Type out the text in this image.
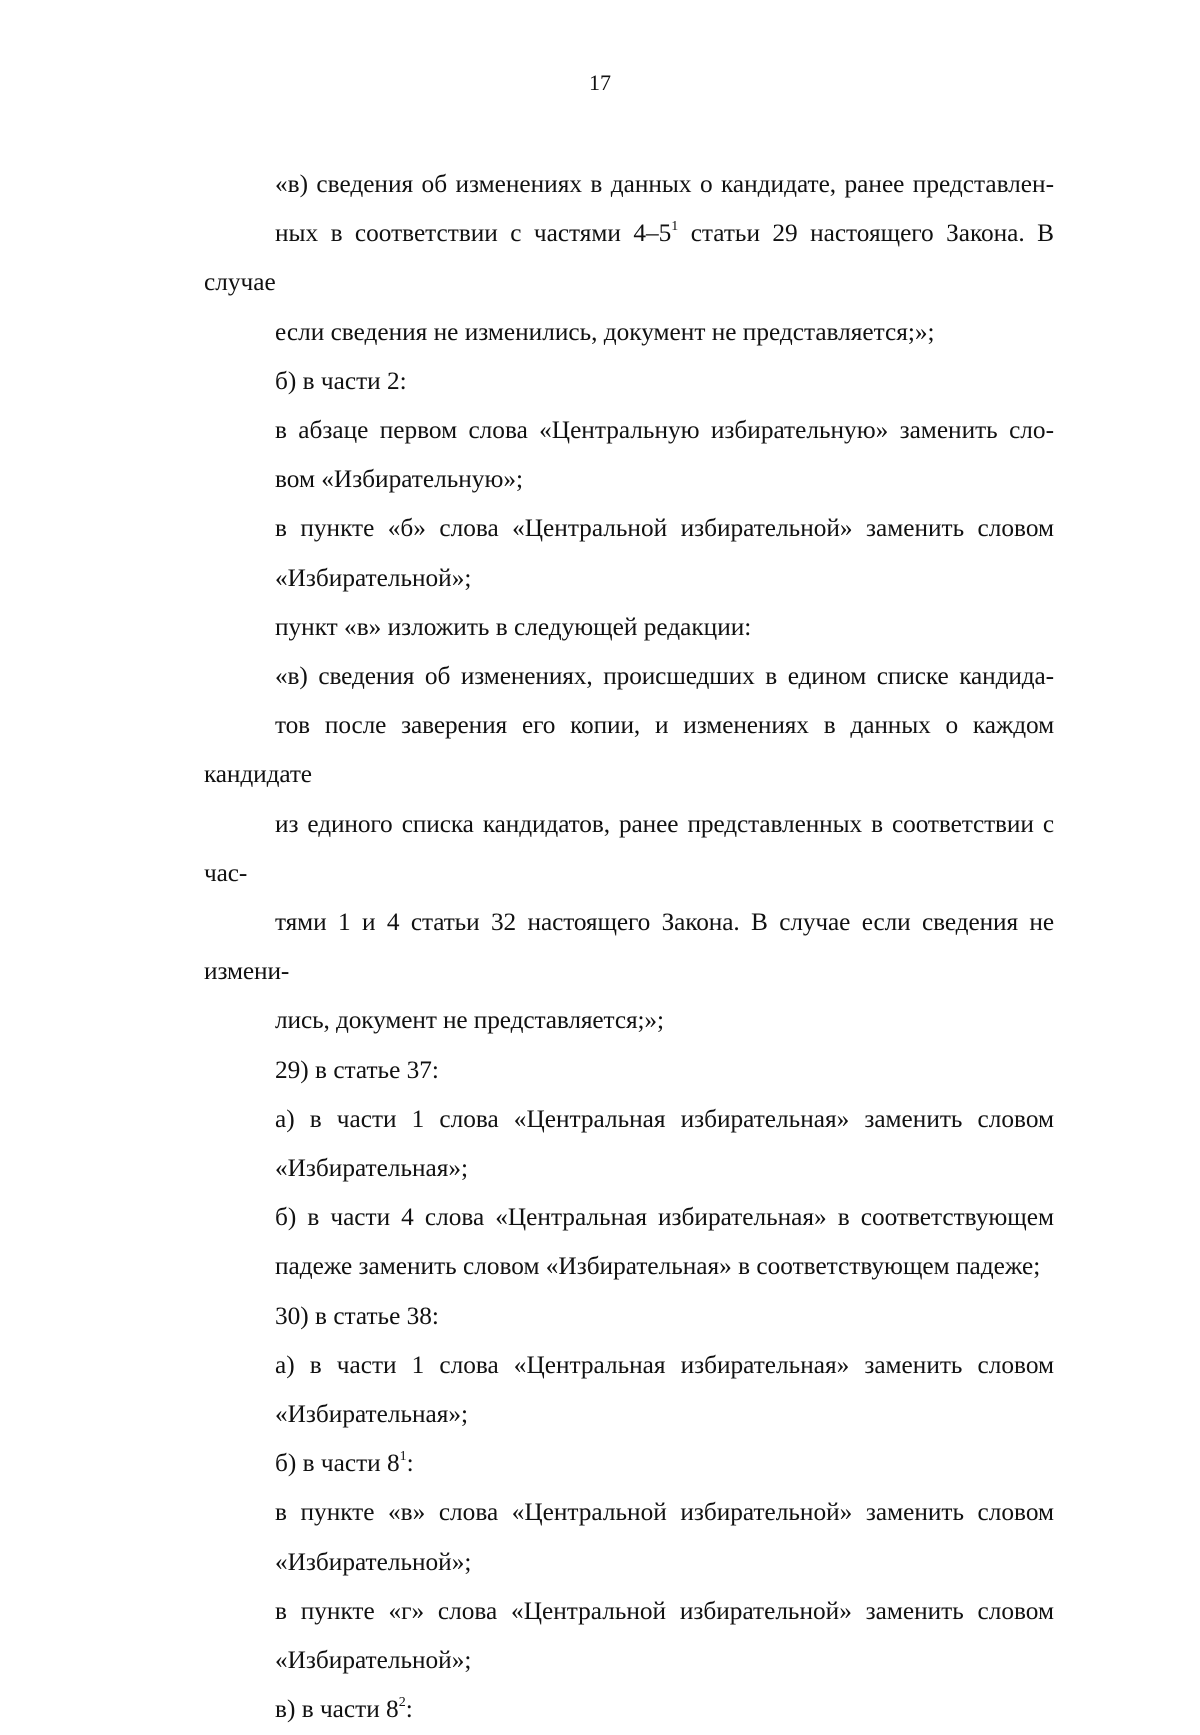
17

«в) сведения об изменениях в данных о кандидате, ранее представлен-
ных в соответствии с частями $4-5^1$ статьи 29 настоящего Закона. В случае
если сведения не изменились, документ не представляется;»;

б) в части 2:

в абзаце первом слова «Центральную избирательную» заменить сло-
вом «Избирательную»;

в пункте «б» слова «Центральной избирательной» заменить словом
«Избирательной»;

пункт «в» изложить в следующей редакции:

«в) сведения об изменениях, происшедших в едином списке кандида-
тов после заверения его копии, и изменениях в данных о каждом кандидате
из единого списка кандидатов, ранее представленных в соответствии с час-
тями 1 и 4 статьи 32 настоящего Закона. В случае если сведения не измени-
лись, документ не представляется;»;

29) в статье 37:

а) в части 1 слова «Центральная избирательная» заменить словом
«Избирательная»;

б) в части 4 слова «Центральная избирательная» в соответствующем
падеже заменить словом «Избирательная» в соответствующем падеже;

30) в статье 38:

а) в части 1 слова «Центральная избирательная» заменить словом
«Избирательная»;

б) в части $8^1$:

в пункте «в» слова «Центральной избирательной» заменить словом
«Избирательной»;

в пункте «г» слова «Центральной избирательной» заменить словом
«Избирательной»;

в) в части $8^2$:
